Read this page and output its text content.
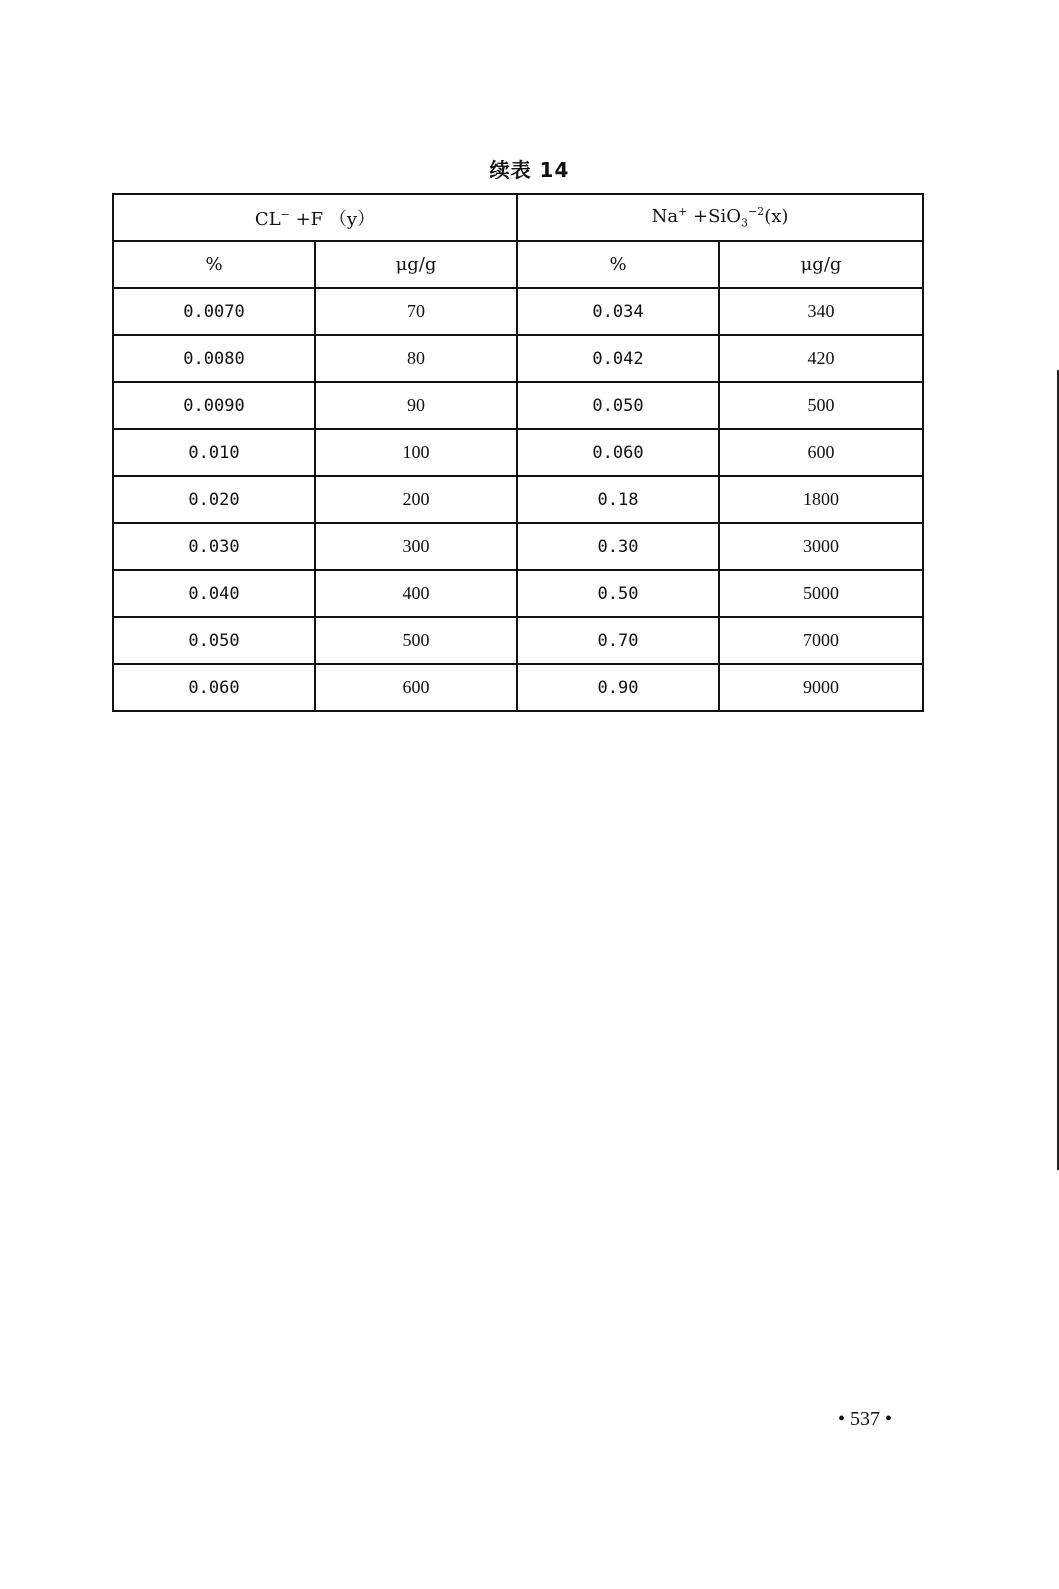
续表 14
CL− +F （y）		Na+ +SiO$_3^{-2}$(x)	
%	μg/g	%	μg/g
0.0070	70	0.034	340
0.0080	80	0.042	420
0.0090	90	0.050	500
0.010	100	0.060	600
0.020	200	0.18	1800
0.030	300	0.30	3000
0.040	400	0.50	5000
0.050	500	0.70	7000
0.060	600	0.90	9000
• 537 •
